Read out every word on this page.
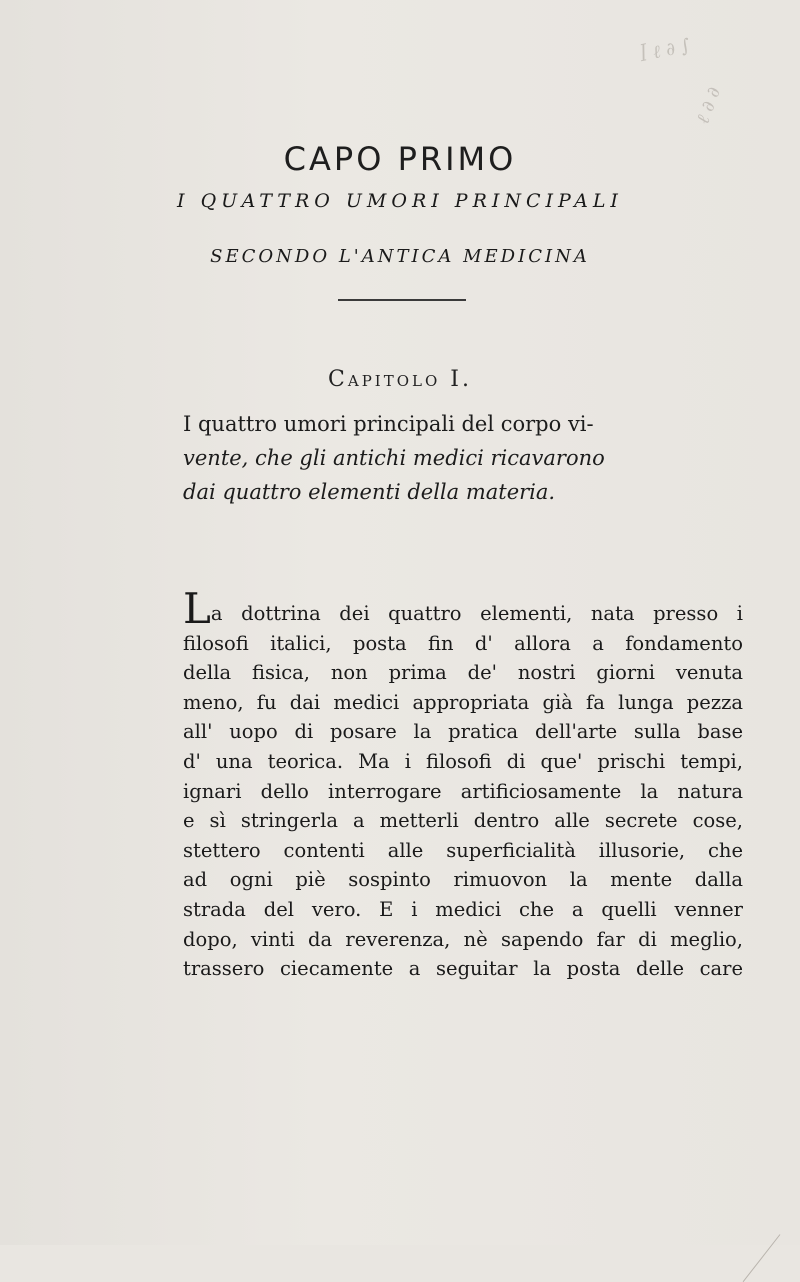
ꟾ ℓ ∂ ∫
ℓ ∂ ∂
CAPO PRIMO
I QUATTRO UMORI PRINCIPALI
SECONDO L'ANTICA MEDICINA
Capitolo I.
I quattro umori principali del corpo vi-
vente, che gli antichi medici ricavarono
dai quattro elementi della materia.
La dottrina dei quattro elementi, nata presso i
filosofi italici, posta fin d' allora a fondamento
della fisica, non prima de' nostri giorni venuta
meno, fu dai medici appropriata già fa lunga pezza
all' uopo di posare la pratica dell'arte sulla base
d' una teorica. Ma i filosofi di que' prischi tempi,
ignari dello interrogare artificiosamente la natura
e sì stringerla a metterli dentro alle secrete cose,
stettero contenti alle superficialità illusorie, che
ad ogni piè sospinto rimuovon la mente dalla
strada del vero. E i medici che a quelli venner
dopo, vinti da reverenza, nè sapendo far di meglio,
trassero ciecamente a seguitar la posta delle care
